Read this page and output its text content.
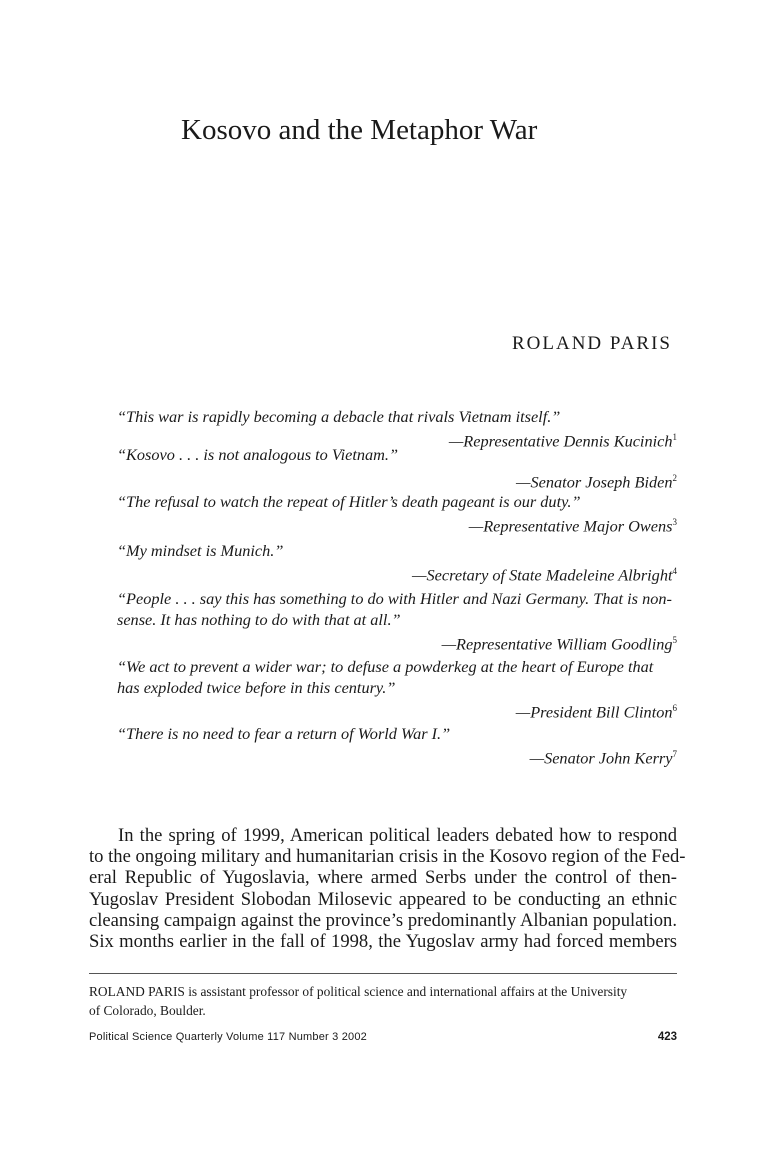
Kosovo and the Metaphor War
ROLAND PARIS
“This war is rapidly becoming a debacle that rivals Vietnam itself.”
—Representative Dennis Kucinich$^1$
“Kosovo . . . is not analogous to Vietnam.”
—Senator Joseph Biden$^2$
“The refusal to watch the repeat of Hitler’s death pageant is our duty.”
—Representative Major Owens$^3$
“My mindset is Munich.”
—Secretary of State Madeleine Albright$^4$
“People . . . say this has something to do with Hitler and Nazi Germany. That is non-
sense. It has nothing to do with that at all.”
—Representative William Goodling$^5$
“We act to prevent a wider war; to defuse a powderkeg at the heart of Europe that
has exploded twice before in this century.”
—President Bill Clinton$^6$
“There is no need to fear a return of World War I.”
—Senator John Kerry$^7$
In the spring of 1999, American political leaders debated how to respond
to the ongoing military and humanitarian crisis in the Kosovo region of the Fed-
eral Republic of Yugoslavia, where armed Serbs under the control of then-
Yugoslav President Slobodan Milosevic appeared to be conducting an ethnic
cleansing campaign against the province’s predominantly Albanian population.
Six months earlier in the fall of 1998, the Yugoslav army had forced members
ROLAND PARIS is assistant professor of political science and international affairs at the University
of Colorado, Boulder.
Political Science Quarterly Volume 117 Number 3 2002	423
